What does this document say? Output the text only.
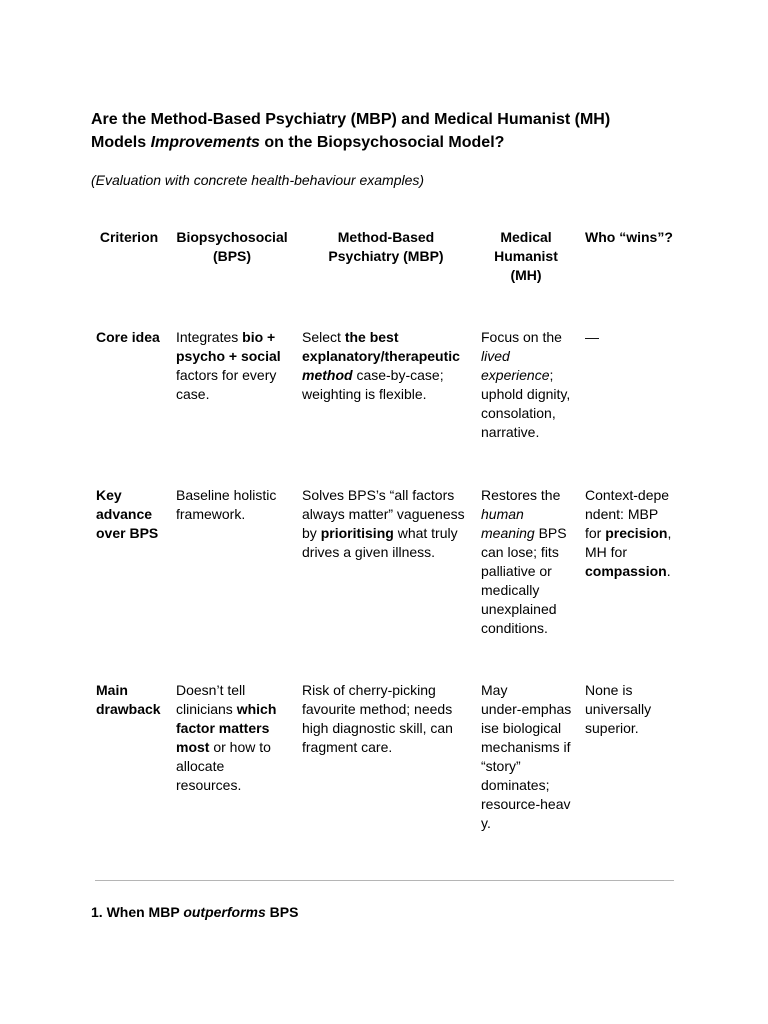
Are the Method-Based Psychiatry (MBP) and Medical Humanist (MH)
Models Improvements on the Biopsychosocial Model?
(Evaluation with concrete health-behaviour examples)
Criterion Biopsychosocial
(BPS)
Method-Based
Psychiatry (MBP)
Medical
Humanist
(MH)
Who “wins”?
Core idea	Integrates bio +
psycho + social
factors for every
case.
Select the best
explanatory/therapeutic
method case-by-case;
weighting is flexible.
Focus on the
lived
experience;
uphold dignity,
consolation,
narrative.
—
Key
advance
over BPS
Baseline holistic
framework.
Solves BPS’s “all factors
always matter” vagueness
by prioritising what truly
drives a given illness.
Restores the
human
meaning BPS
can lose; fits
palliative or
medically
unexplained
conditions.
Context-depe
ndent: MBP
for precision,
MH for
compassion.
Main
drawback
Doesn’t tell
clinicians which
factor matters
most or how to
allocate
resources.
Risk of cherry-picking
favourite method; needs
high diagnostic skill, can
fragment care.
May
under-emphas
ise biological
mechanisms if
“story”
dominates;
resource-heav
y.
None is
universally
superior.
1. When MBP outperforms BPS
